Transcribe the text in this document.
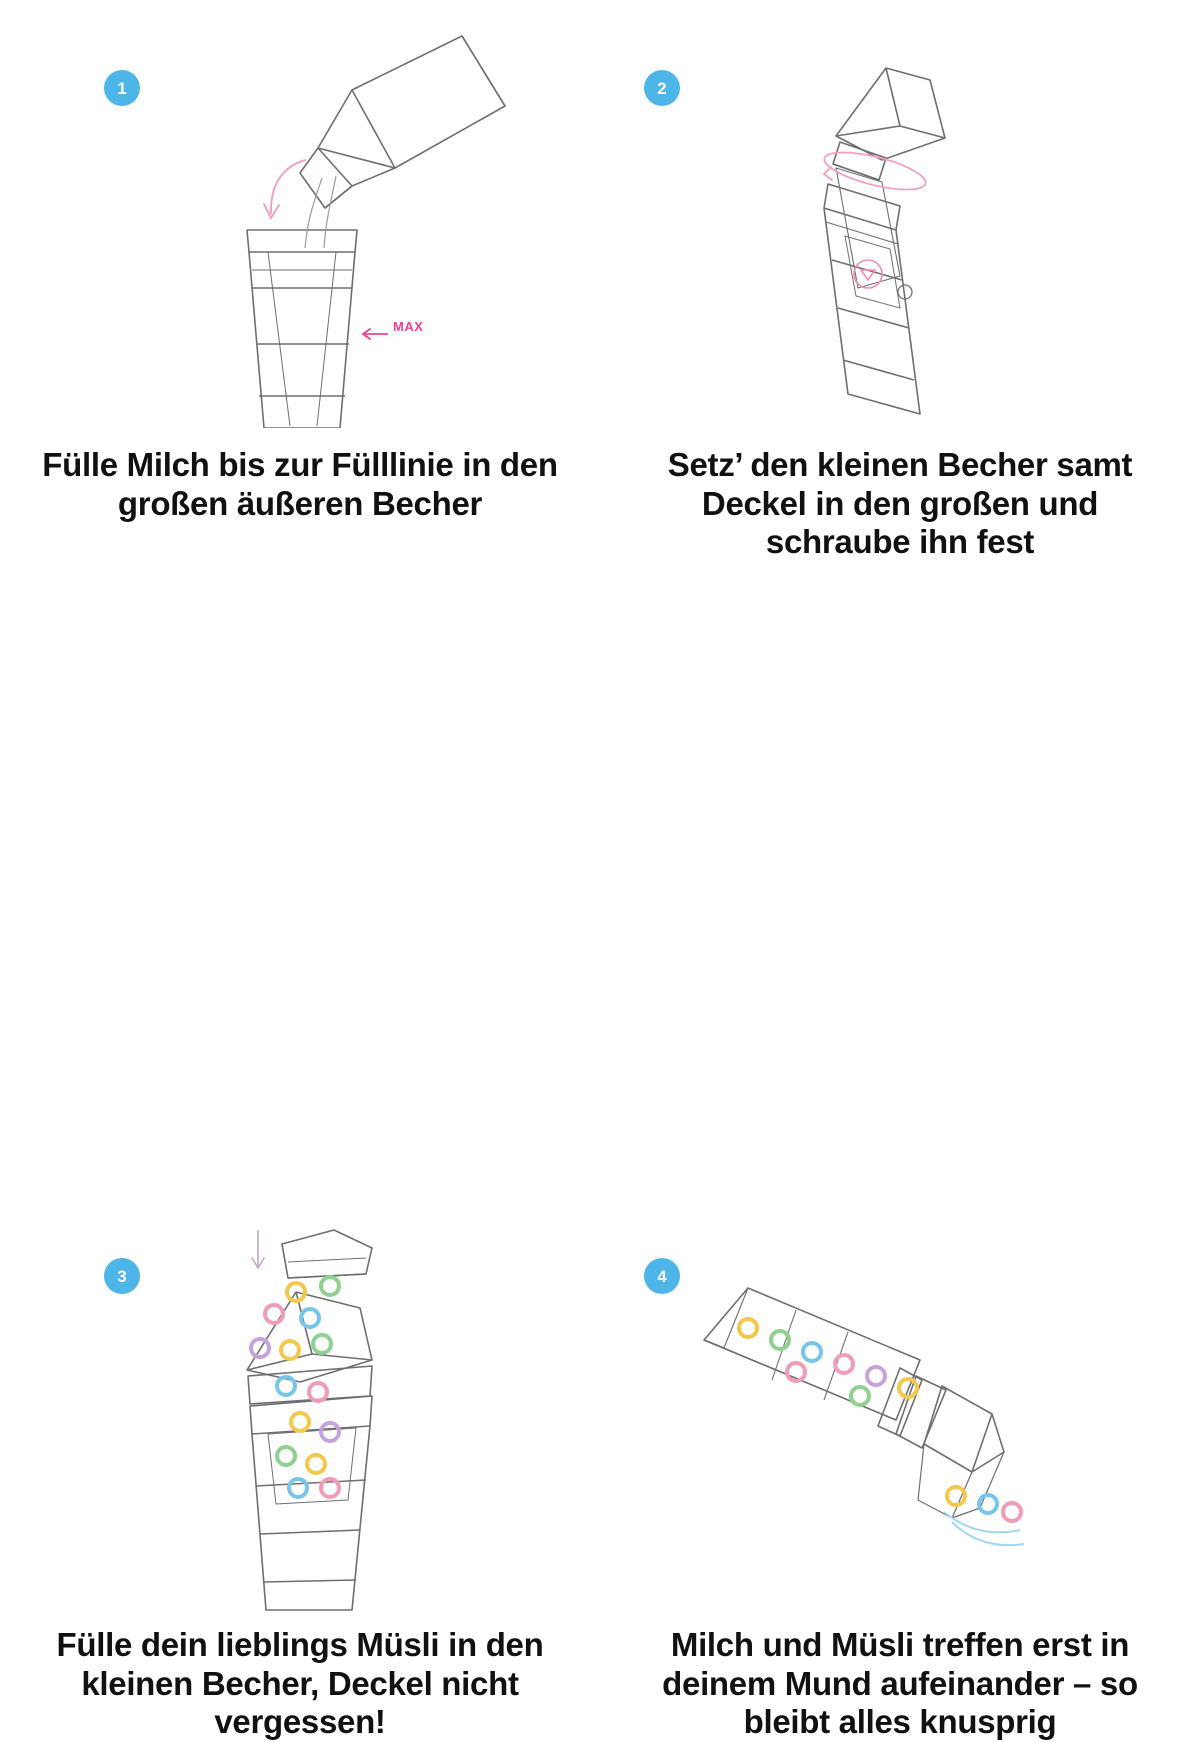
1
MAX
Fülle Milch bis zur Fülllinie in den großen äußeren Becher
2
Setz’ den kleinen Becher samt Deckel in den großen und schraube ihn fest
3
Fülle dein lieblings Müsli in den kleinen Becher, Deckel nicht vergessen!
4
Milch und Müsli treffen erst in deinem Mund aufeinander – so bleibt alles knusprig
